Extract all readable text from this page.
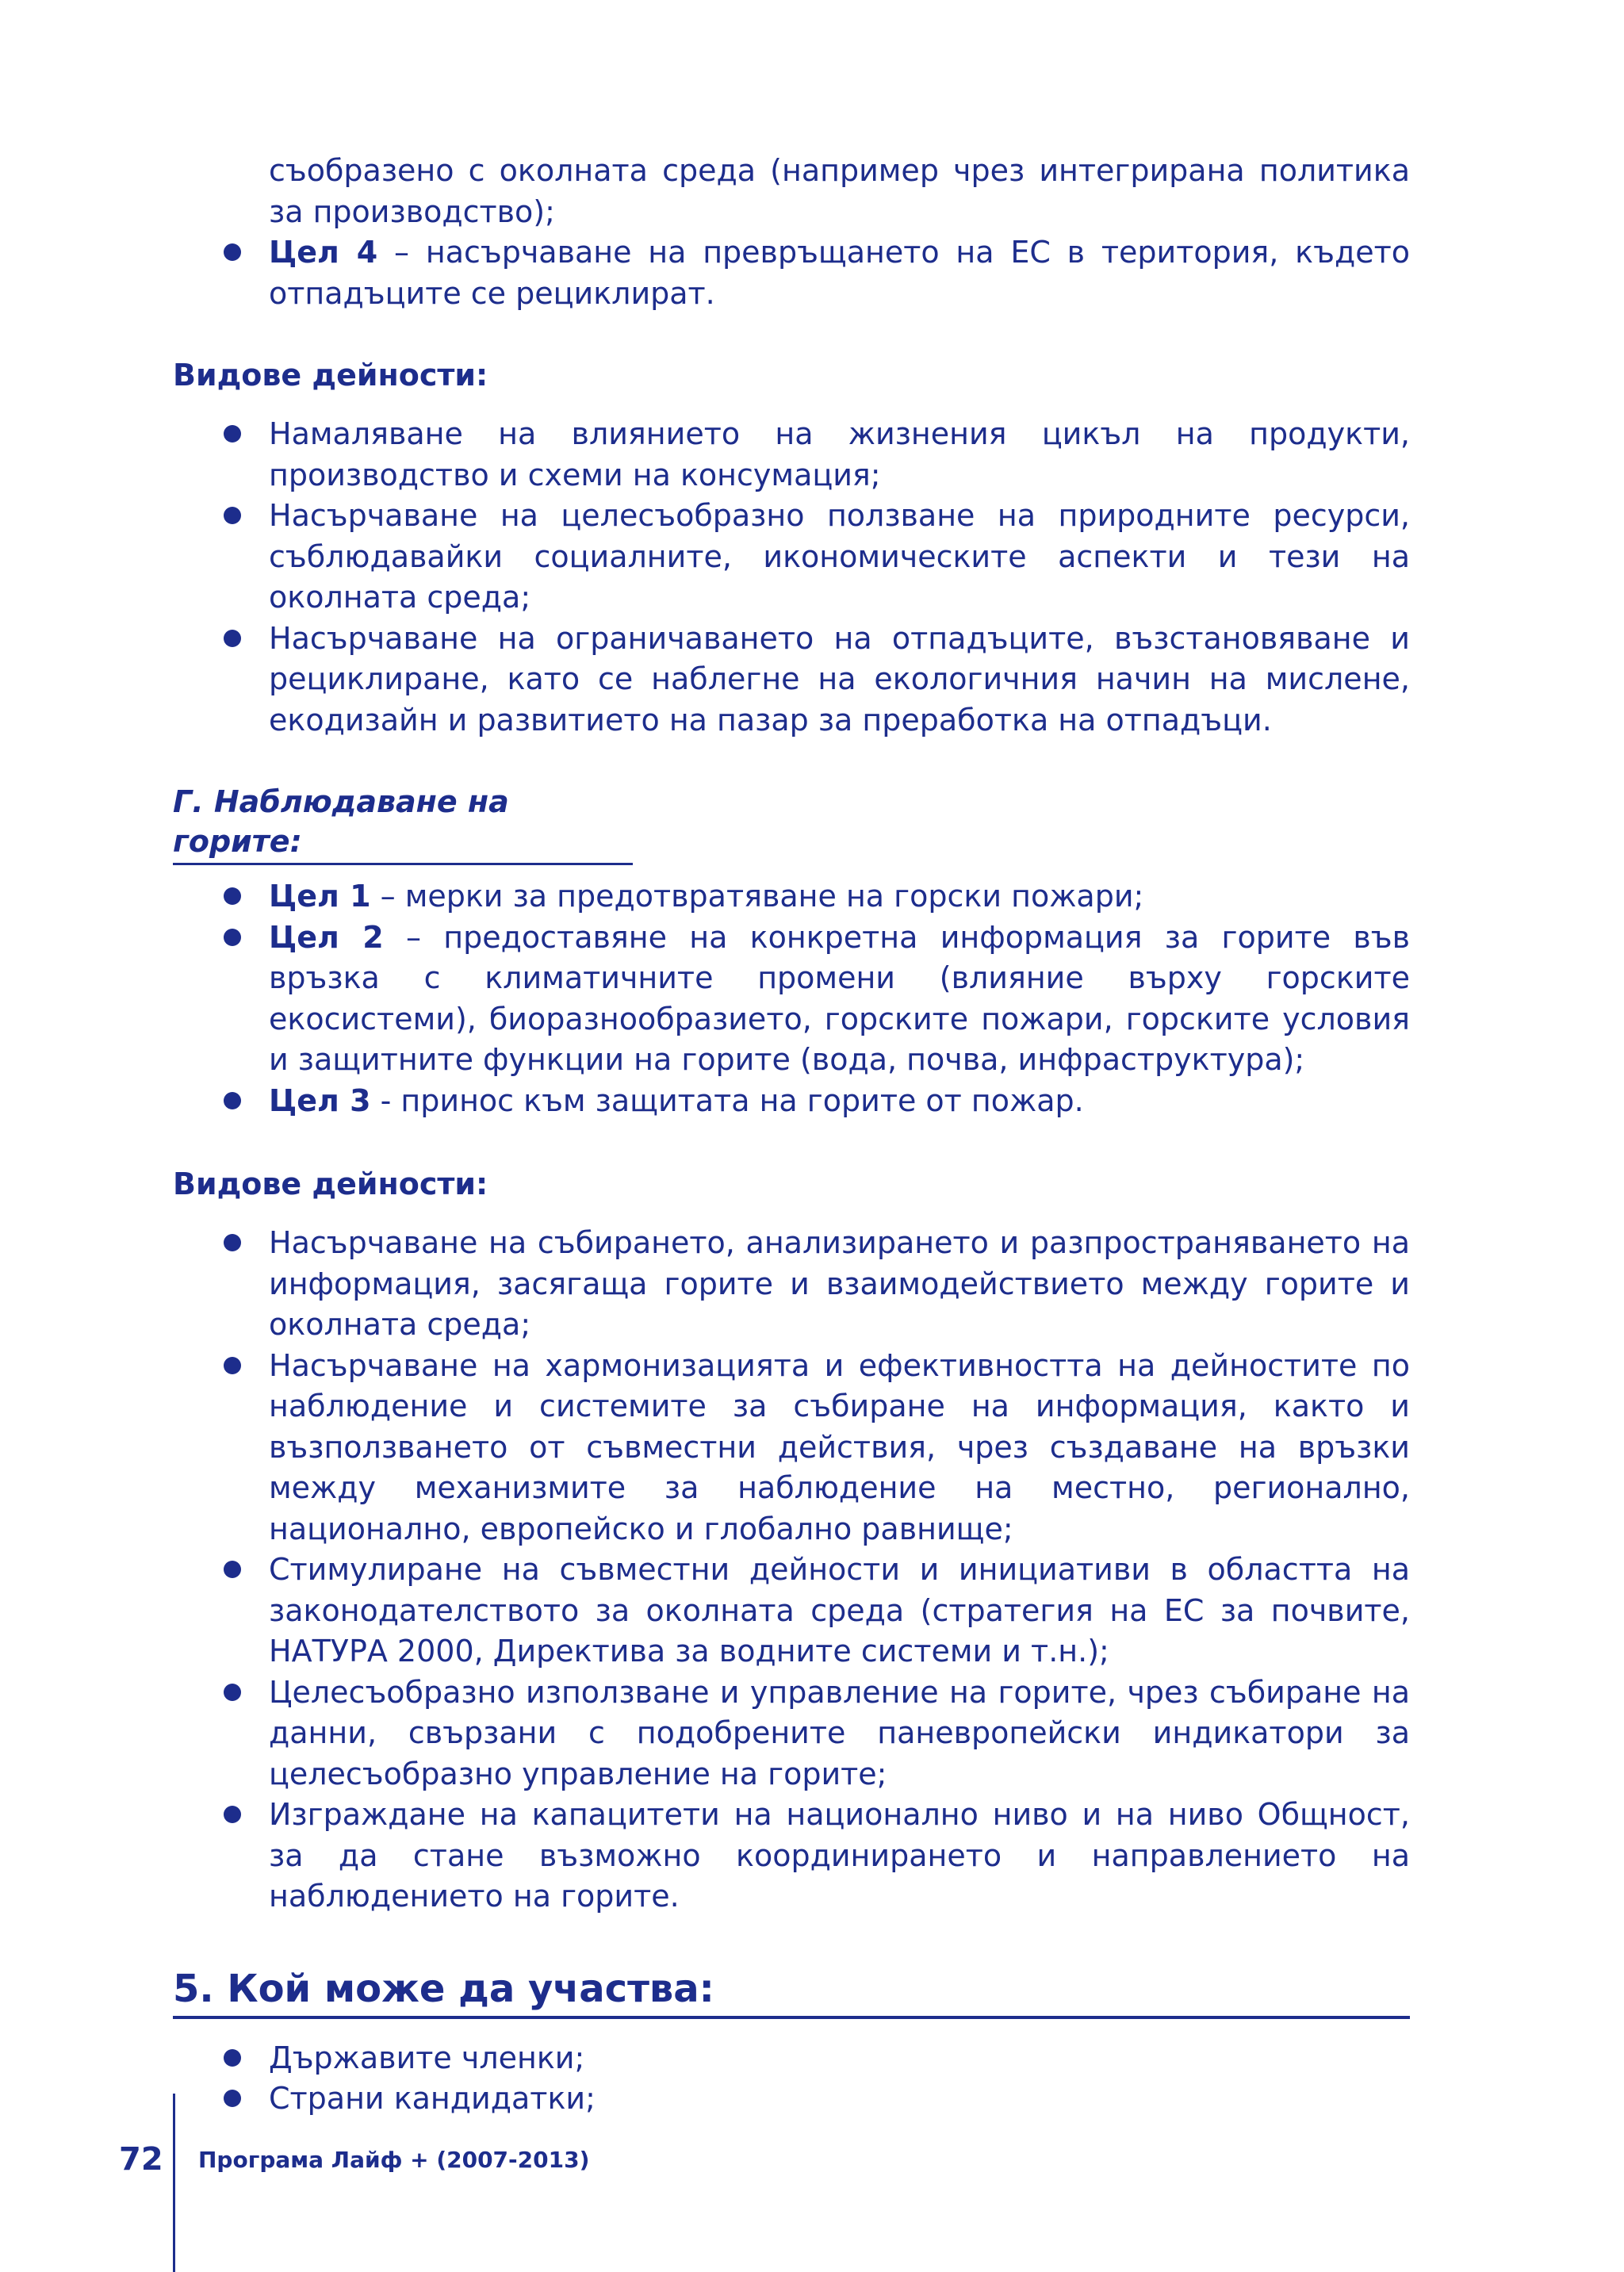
съобразено с околната среда (например чрез интегрирана политика за производство);
Цел 4 – насърчаване на превръщането на ЕС в територия, където отпадъците се рециклират.
Видове дейности:
Намаляване на влиянието на жизнения цикъл на продукти, производство и схеми на консумация;
Насърчаване на целесъобразно ползване на природните ресурси, съблюдавайки социалните, икономическите аспекти и тези на околната среда;
Насърчаване на ограничаването на отпадъците, възстановяване и рециклиране, като се наблегне на екологичния начин на мислене, екодизайн и развитието на пазар за преработка на отпадъци.
Г. Наблюдаване на горите:
Цел 1 – мерки за предотвратяване на горски пожари;
Цел 2 – предоставяне на конкретна информация за горите във връзка с климатичните промени (влияние върху горските екосистеми), биоразнообразието, горските пожари, горските условия и защитните функции на горите (вода, почва, инфраструктура);
Цел 3 - принос към защитата на горите от пожар.
Видове дейности:
Насърчаване на събирането, анализирането и разпространяването на информация, засягаща горите и взаимодействието между горите и околната среда;
Насърчаване на хармонизацията и ефективността на дейностите по наблюдение и системите за събиране на информация, както и възползването от съвместни действия, чрез създаване на връзки между механизмите за наблюдение на местно, регионално, национално, европейско и глобално равнище;
Стимулиране на съвместни дейности и инициативи в областта на законодателството за околната среда (стратегия на ЕС за почвите, НАТУРА 2000, Директива за водните системи и т.н.);
Целесъобразно използване и управление на горите, чрез събиране на данни, свързани с подобрените паневропейски индикатори за целесъобразно управление на горите;
Изграждане на капацитети на национално ниво и на ниво Общност, за да стане възможно координирането и направлението на наблюдението на горите.
5. Кой може да участва:
Държавите членки;
Страни кандидатки;
72 Програма Лайф + (2007-2013)
